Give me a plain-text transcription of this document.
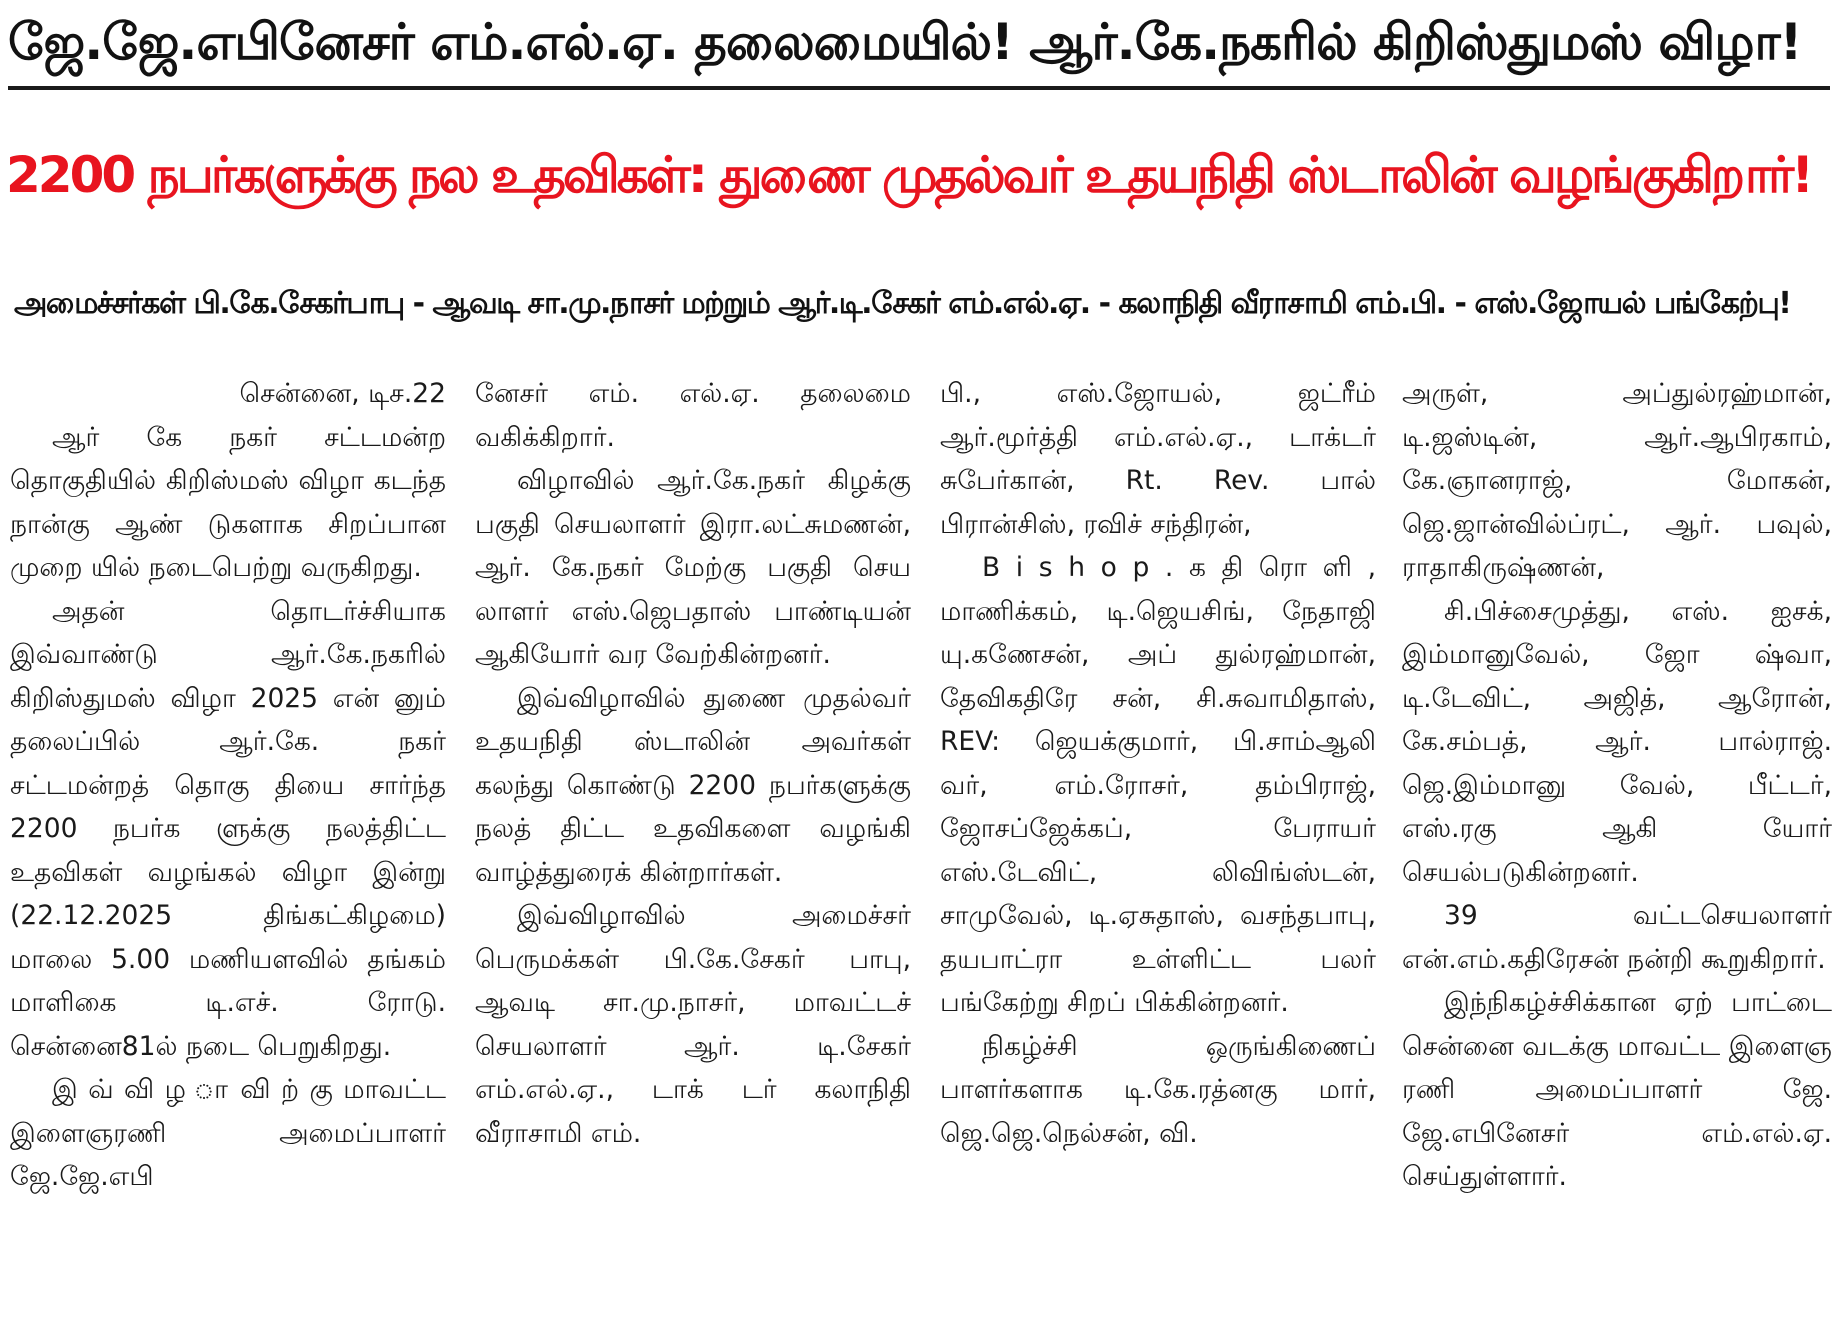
ஜே.ஜே.எபினேசர் எம்.எல்.ஏ. தலைமையில்! ஆர்.கே.நகரில் கிறிஸ்துமஸ் விழா!
2200 நபர்களுக்கு நல உதவிகள்: துணை முதல்வர் உதயநிதி ஸ்டாலின் வழங்குகிறார்!
அமைச்சர்கள் பி.கே.சேகர்பாபு - ஆவடி சா.மு.நாசர் மற்றும் ஆர்.டி.சேகர் எம்.எல்.ஏ. - கலாநிதி வீராசாமி எம்.பி. - எஸ்.ஜோயல் பங்கேற்பு!

சென்னை, டிச.22

ஆர் கே நகர் சட்டமன்ற தொகுதியில் கிறிஸ்மஸ் விழா கடந்த நான்கு ஆண் டுகளாக சிறப்பான முறை யில் நடைபெற்று வருகிறது.

அதன் தொடர்ச்சியாக இவ்வாண்டு ஆர்.கே.நகரில் கிறிஸ்துமஸ் விழா 2025 என் னும் தலைப்பில் ஆர்.கே. நகர் சட்டமன்றத் தொகு தியை சார்ந்த 2200 நபர்க ளுக்கு நலத்திட்ட உதவிகள் வழங்கல் விழா இன்று (22.12.2025 திங்கட்கிழமை) மாலை 5.00 மணியளவில் தங்கம் மாளிகை டி.எச். ரோடு. சென்னை81ல் நடை பெறுகிறது.

இ வ் வி ழ ா வி ற் கு மாவட்ட இளைஞரணி அமைப்பாளர் ஜே.ஜே.எபி

னேசர் எம். எல்.ஏ. தலைமை வகிக்கிறார்.

விழாவில் ஆர்.கே.நகர் கிழக்கு பகுதி செயலாளர் இரா.லட்சுமணன், ஆர். கே.நகர் மேற்கு பகுதி செய லாளர் எஸ்.ஜெபதாஸ் பாண்டியன் ஆகியோர் வர வேற்கின்றனர்.

இவ்விழாவில் துணை முதல்வர் உதயநிதி ஸ்டாலின் அவர்கள் கலந்து கொண்டு 2200 நபர்களுக்கு நலத் திட்ட உதவிகளை வழங்கி வாழ்த்துரைக் கின்றார்கள்.

இவ்விழாவில் அமைச்சர் பெருமக்கள் பி.கே.சேகர் பாபு, ஆவடி சா.மு.நாசர், மாவட்டச் செயலாளர் ஆர். டி.சேகர் எம்.எல்.ஏ., டாக் டர் கலாநிதி வீராசாமி எம்.

பி., எஸ்.ஜோயல், ஜட்ரீம் ஆர்.மூர்த்தி எம்.எல்.ஏ., டாக்டர் சுபேர்கான், Rt. Rev. பால் பிரான்சிஸ், ரவிச் சந்திரன்,

B i s h o p . க தி ரொ ளி , மாணிக்கம், டி.ஜெயசிங், நேதாஜி யு.கணேசன், அப் துல்ரஹ்மான், தேவிகதிரே சன், சி.சுவாமிதாஸ், REV: ஜெயக்குமார், பி.சாம்ஆலி வர், எம்.ரோசர், தம்பிராஜ், ஜோசப்ஜேக்கப், பேராயர் எஸ்.டேவிட், லிவிங்ஸ்டன், சாமுவேல், டி.ஏசுதாஸ், வசந்தபாபு, தயபாட்ரா உள்ளிட்ட பலர் பங்கேற்று சிறப் பிக்கின்றனர்.

நிகழ்ச்சி ஒருங்கிணைப் பாளர்களாக டி.கே.ரத்னகு மார், ஜெ.ஜெ.நெல்சன், வி.

அருள், அப்துல்ரஹ்மான், டி.ஜஸ்டின், ஆர்.ஆபிரகாம், கே.ஞானராஜ், மோகன், ஜெ.ஜான்வில்ப்ரட், ஆர். பவுல், ராதாகிருஷ்ணன்,

சி.பிச்சைமுத்து, எஸ். ஐசக், இம்மானுவேல், ஜோ ஷ்வா, டி.டேவிட், அஜித், ஆரோன், கே.சம்பத், ஆர். பால்ராஜ். ஜெ.இம்மானு வேல், பீட்டர், எஸ்.ரகு ஆகி யோர் செயல்படுகின்றனர்.

39 வட்டசெயலாளர் என்.எம்.கதிரேசன் நன்றி கூறுகிறார்.

இந்நிகழ்ச்சிக்கான ஏற் பாட்டை சென்னை வடக்கு மாவட்ட இளைஞ ரணி அமைப்பாளர் ஜே. ஜே.எபினேசர் எம்.எல்.ஏ. செய்துள்ளார்.
